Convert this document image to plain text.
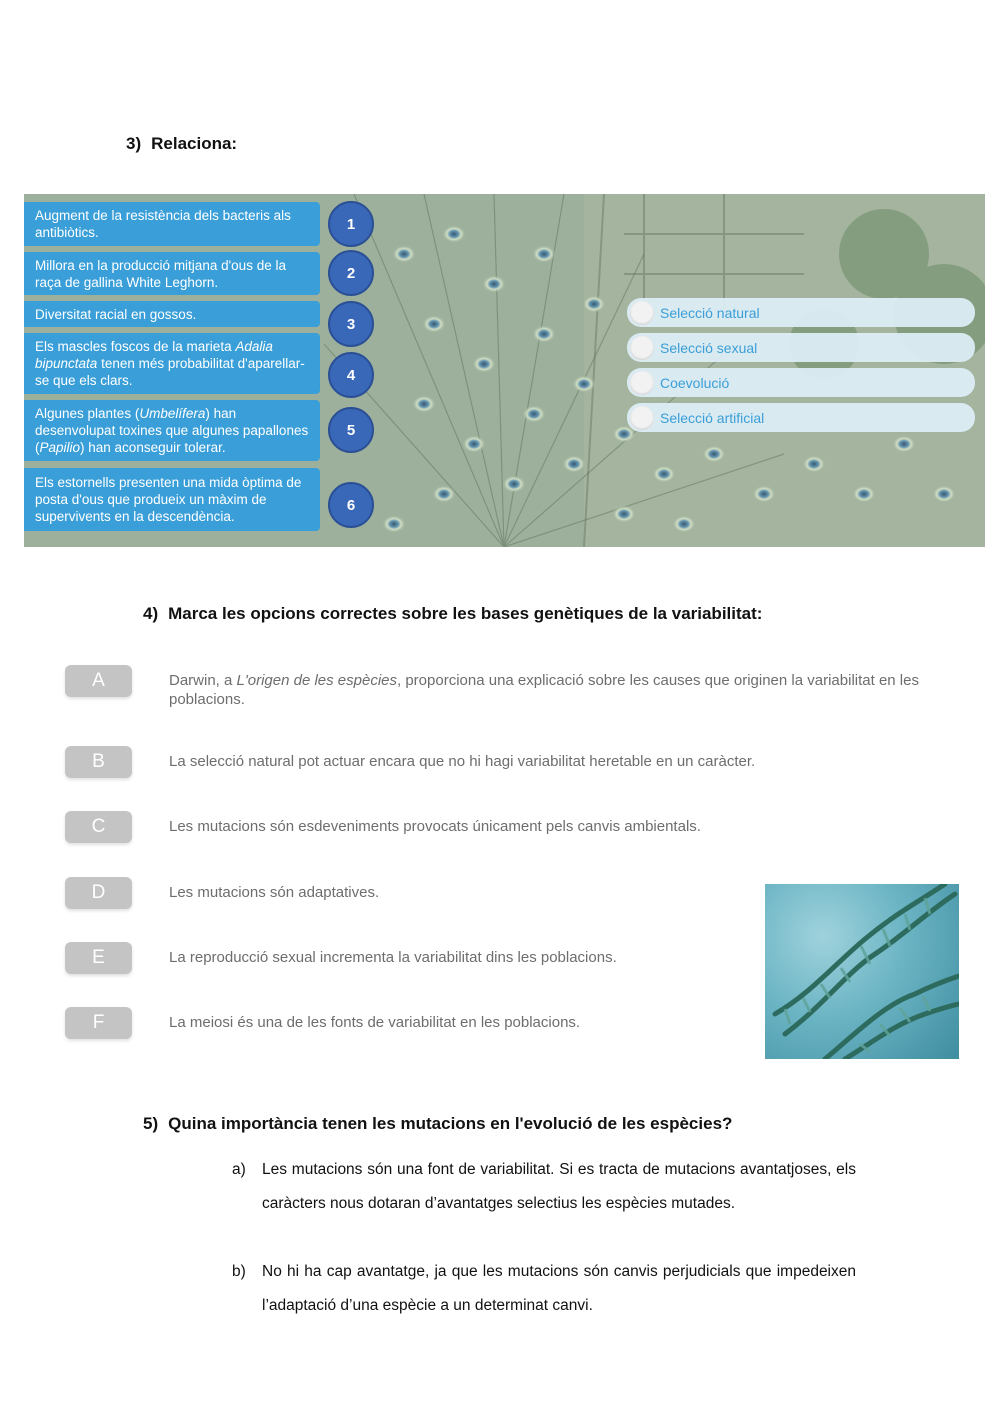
3) Relaciona:
Augment de la resistència dels bacteris als antibiòtics.
Millora en la producció mitjana d'ous de la raça de gallina White Leghorn.
Diversitat racial en gossos.
Els mascles foscos de la marieta Adalia bipunctata tenen més probabilitat d'aparellar-se que els clars.
Algunes plantes (Umbelífera) han desenvolupat toxines que algunes papallones (Papilio) han aconseguir tolerar.
Els estornells presenten una mida òptima de posta d'ous que produeix un màxim de supervivents en la descendència.
1
2
3
4
5
6
Selecció natural
Selecció sexual
Coevolució
Selecció artificial
4) Marca les opcions correctes sobre les bases genètiques de la variabilitat:
A	Darwin, a L'origen de les espècies, proporciona una explicació sobre les causes que originen la variabilitat en les poblacions.
B	La selecció natural pot actuar encara que no hi hagi variabilitat heretable en un caràcter.
C	Les mutacions són esdeveniments provocats únicament pels canvis ambientals.
D	Les mutacions són adaptatives.
E	La reproducció sexual incrementa la variabilitat dins les poblacions.
F	La meiosi és una de les fonts de variabilitat en les poblacions.
5) Quina importància tenen les mutacions en l'evolució de les espècies?
a) Les mutacions són una font de variabilitat. Si es tracta de mutacions avantatjoses, els caràcters nous dotaran d’avantatges selectius les espècies mutades.
b) No hi ha cap avantatge, ja que les mutacions són canvis perjudicials que impedeixen l’adaptació d’una espècie a un determinat canvi.
